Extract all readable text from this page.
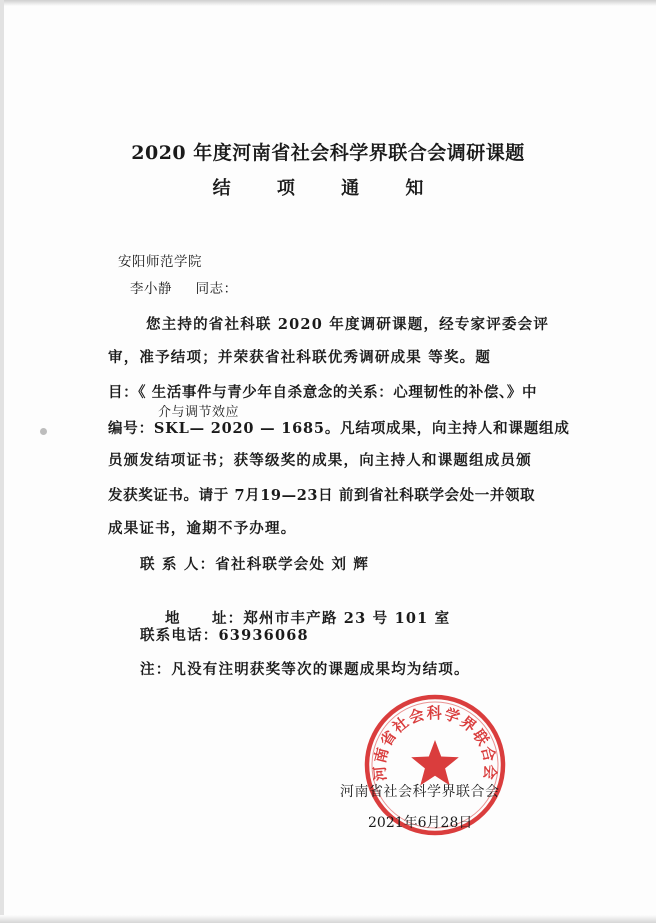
2020 年度河南省社会科学界联合会调研课题
结 项 通 知
安阳师范学院
李小静 同志：
您主持的省社科联 2020 年度调研课题，经专家评委会评
审，准予结项；并荣获省社科联优秀调研成果 等奖。题
目：《 生活事件与青少年自杀意念的关系：心理韧性的补偿、》中
介与调节效应
编号：SKL— 2020 — 1685。凡结项成果，向主持人和课题组成
员颁发结项证书；获等级奖的成果，向主持人和课题组成员颁
发获奖证书。请于 7月19—23日 前到省社科联学会处一并领取
成果证书，逾期不予办理。
联 系 人：省社科联学会处 刘 辉

地     址：郑州市丰产路 23 号 101 室

联系电话：63936068
注：凡没有注明获奖等次的课题成果均为结项。
河南省社会科学界联合会
河南省社会科学界联合会
2021年6月28日
